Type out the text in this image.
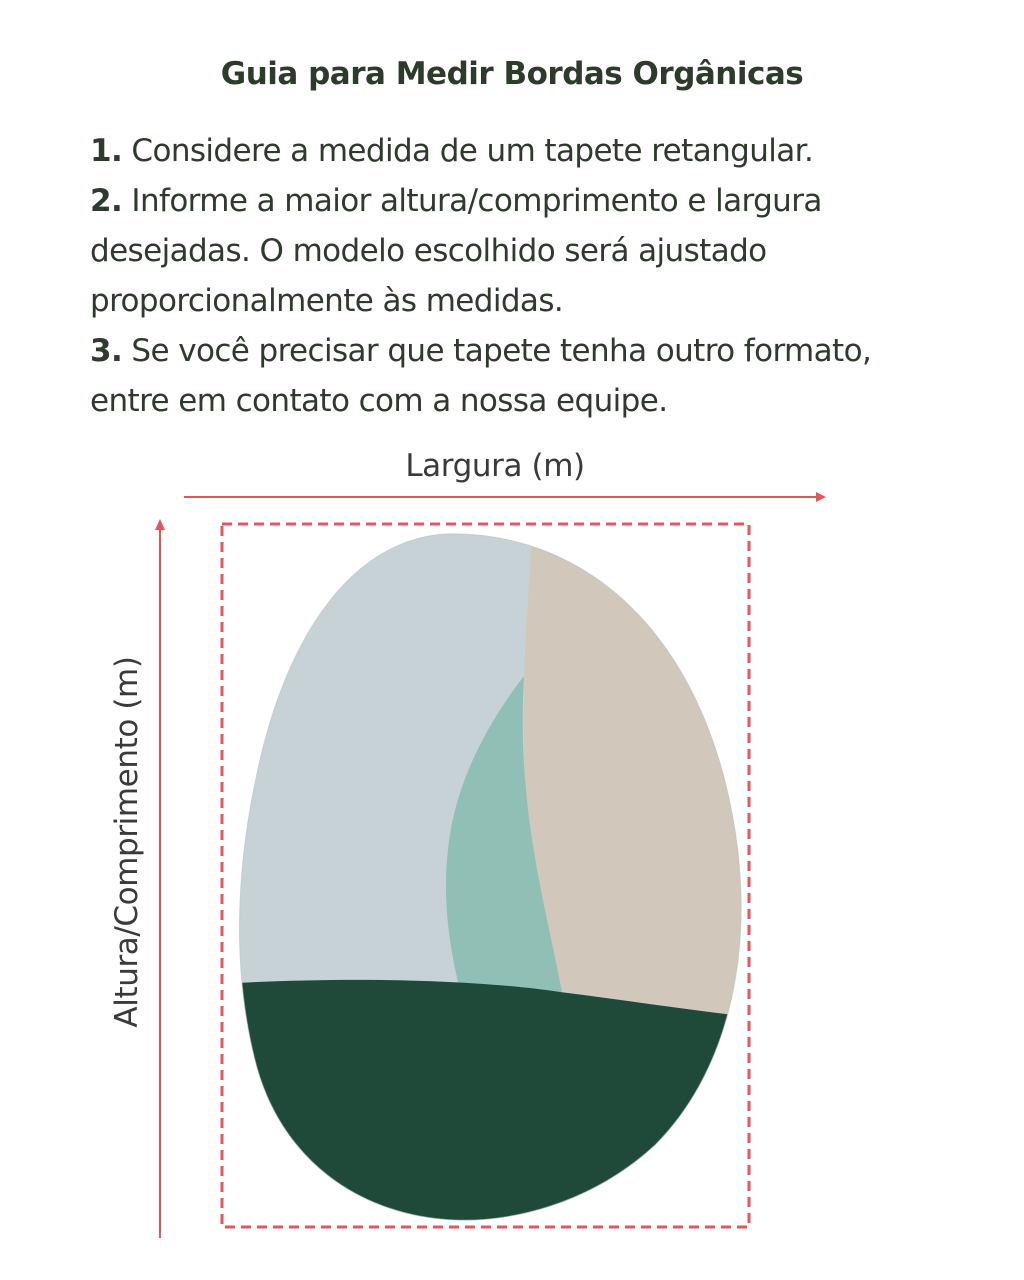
Guia para Medir Bordas Orgânicas

1. Considere a medida de um tapete retangular.

2. Informe a maior altura/comprimento e largura desejadas. O modelo escolhido será ajustado proporcionalmente às medidas.

3. Se você precisar que tapete tenha outro formato, entre em contato com a nossa equipe.

Largura (m)
Altura/Comprimento (m)
